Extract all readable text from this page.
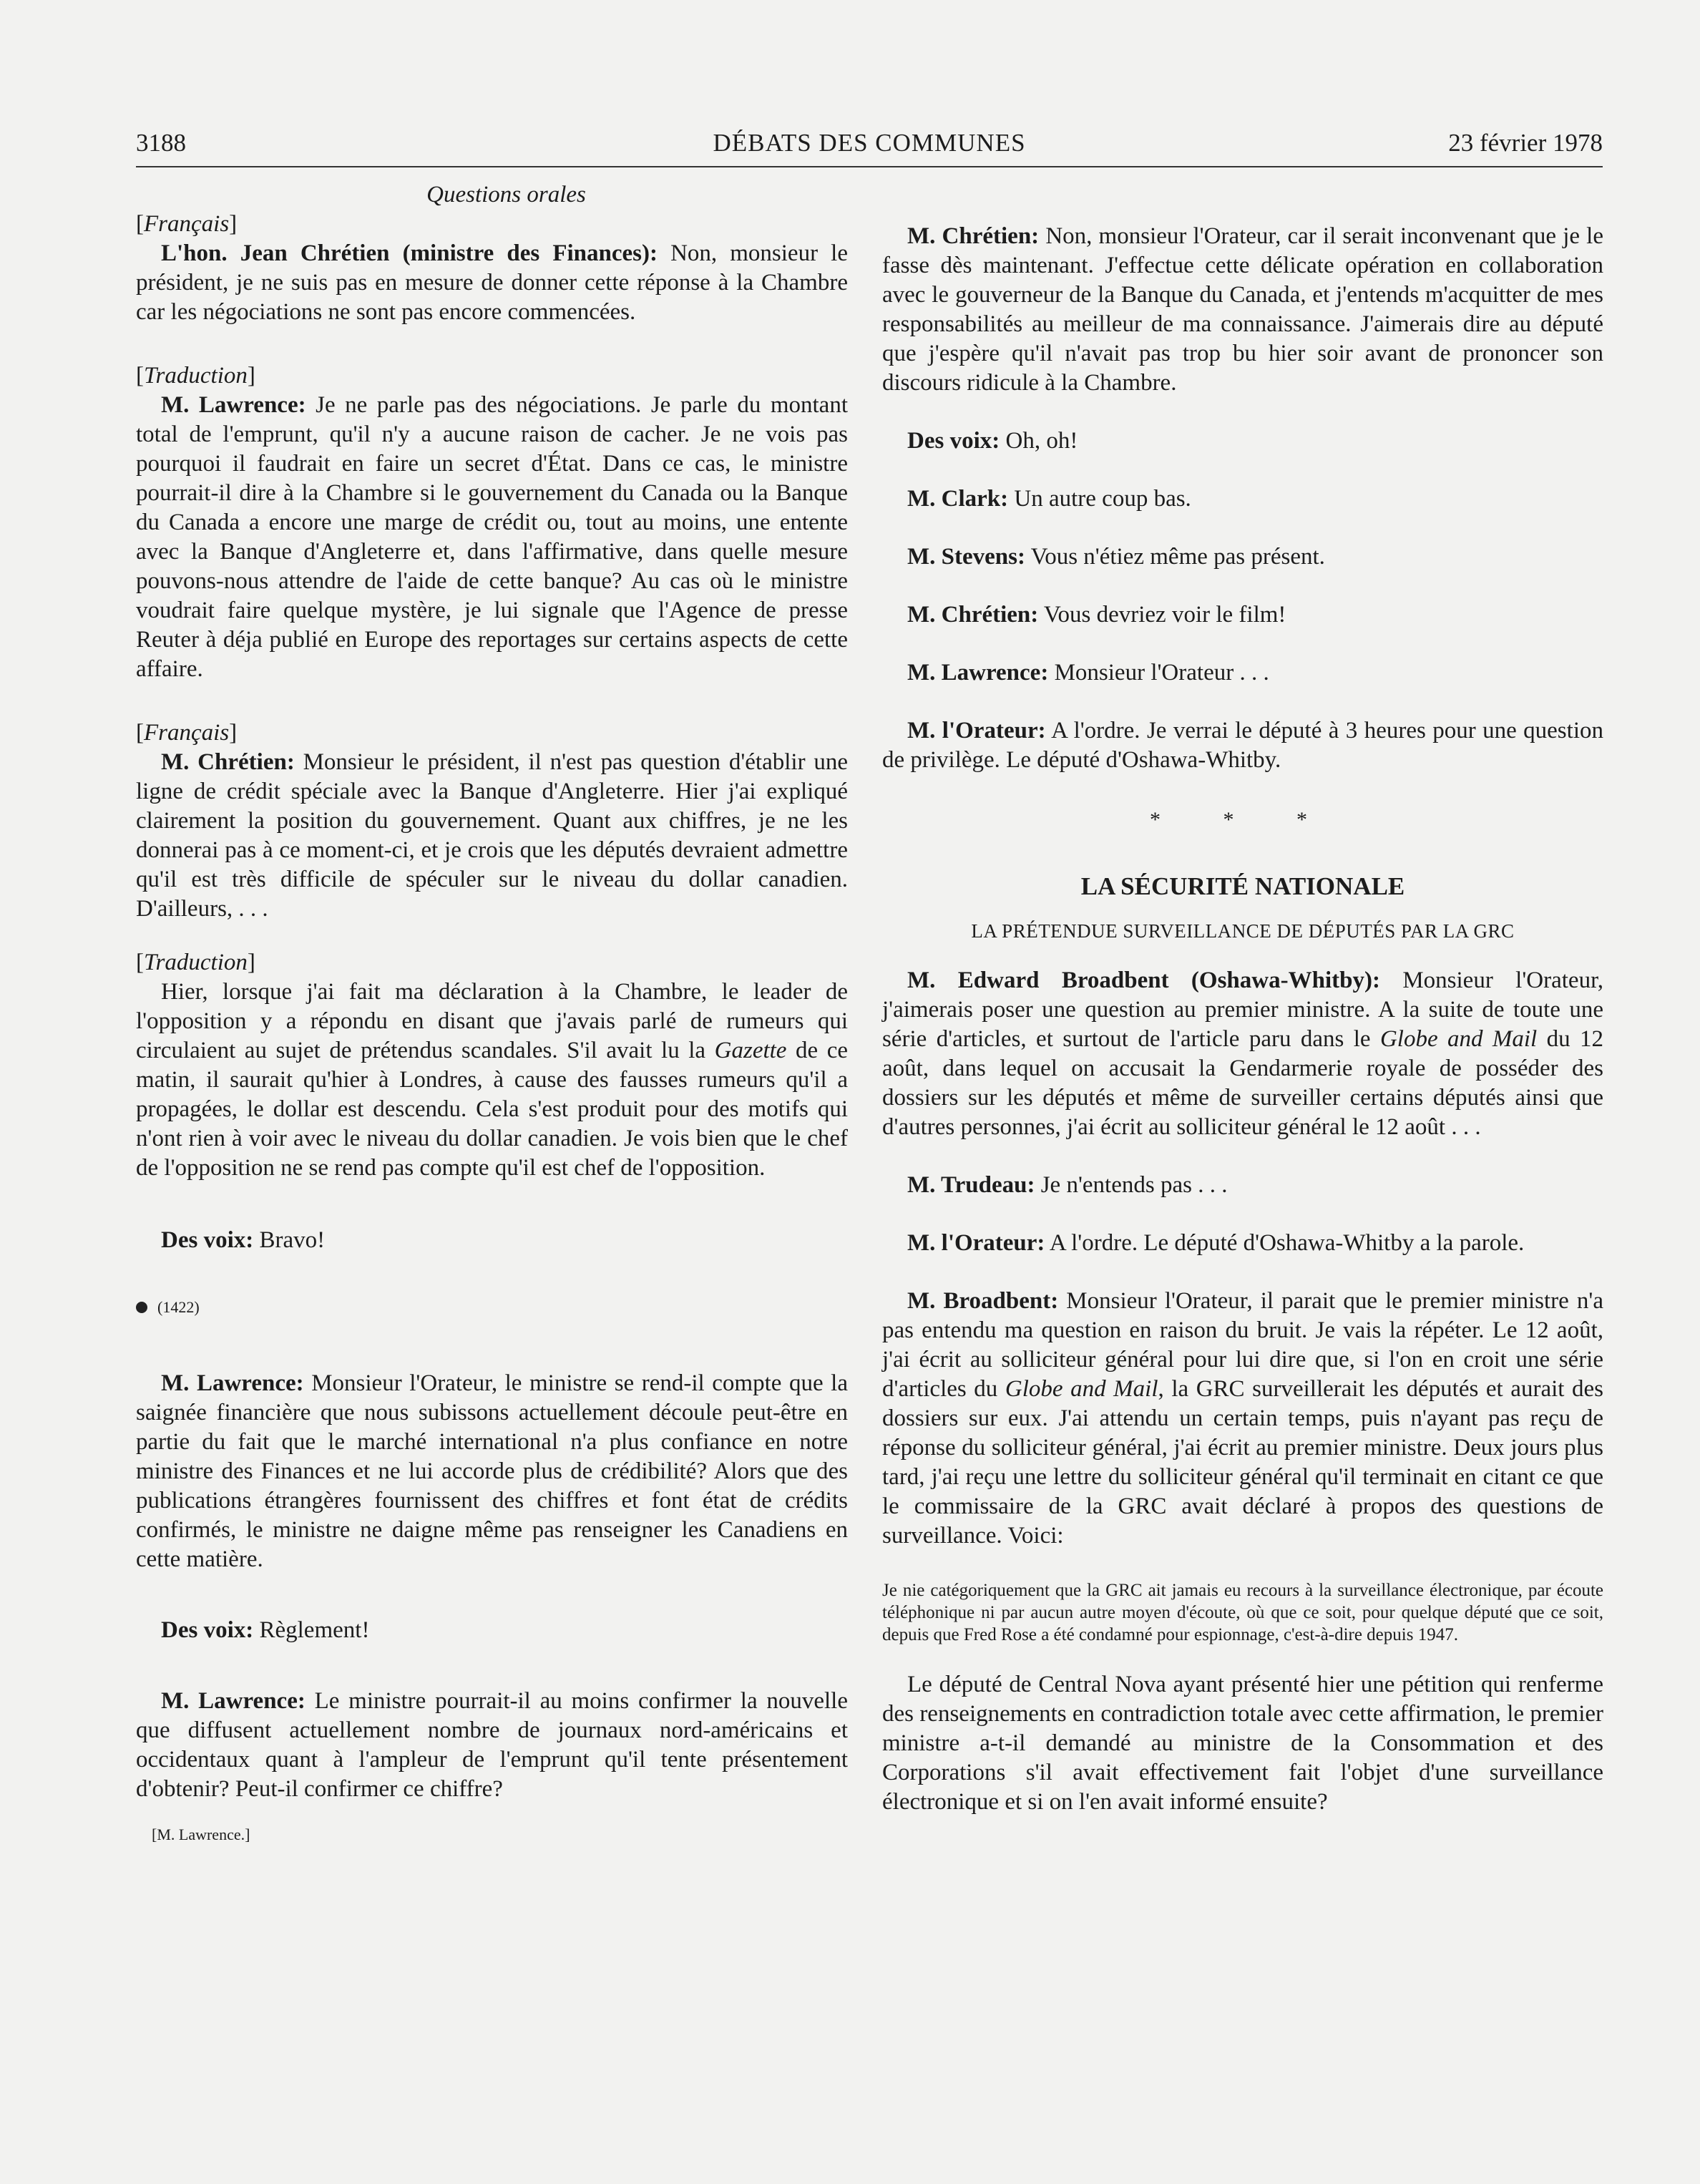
3188	DÉBATS DES COMMUNES	23 février 1978
Questions orales
[Français]

L'hon. Jean Chrétien (ministre des Finances): Non, monsieur le président, je ne suis pas en mesure de donner cette réponse à la Chambre car les négociations ne sont pas encore commencées.

[Traduction]

M. Lawrence: Je ne parle pas des négociations. Je parle du montant total de l'emprunt, qu'il n'y a aucune raison de cacher. Je ne vois pas pourquoi il faudrait en faire un secret d'État. Dans ce cas, le ministre pourrait-il dire à la Chambre si le gouvernement du Canada ou la Banque du Canada a encore une marge de crédit ou, tout au moins, une entente avec la Banque d'Angleterre et, dans l'affirmative, dans quelle mesure pouvons-nous attendre de l'aide de cette banque? Au cas où le ministre voudrait faire quelque mystère, je lui signale que l'Agence de presse Reuter à déja publié en Europe des reportages sur certains aspects de cette affaire.

[Français]

M. Chrétien: Monsieur le président, il n'est pas question d'établir une ligne de crédit spéciale avec la Banque d'Angleterre. Hier j'ai expliqué clairement la position du gouvernement. Quant aux chiffres, je ne les donnerai pas à ce moment-ci, et je crois que les députés devraient admettre qu'il est très difficile de spéculer sur le niveau du dollar canadien. D'ailleurs, . . .

[Traduction]

Hier, lorsque j'ai fait ma déclaration à la Chambre, le leader de l'opposition y a répondu en disant que j'avais parlé de rumeurs qui circulaient au sujet de prétendus scandales. S'il avait lu la Gazette de ce matin, il saurait qu'hier à Londres, à cause des fausses rumeurs qu'il a propagées, le dollar est descendu. Cela s'est produit pour des motifs qui n'ont rien à voir avec le niveau du dollar canadien. Je vois bien que le chef de l'opposition ne se rend pas compte qu'il est chef de l'opposition.

Des voix: Bravo!

(1422)

M. Lawrence: Monsieur l'Orateur, le ministre se rend-il compte que la saignée financière que nous subissons actuellement découle peut-être en partie du fait que le marché international n'a plus confiance en notre ministre des Finances et ne lui accorde plus de crédibilité? Alors que des publications étrangères fournissent des chiffres et font état de crédits confirmés, le ministre ne daigne même pas renseigner les Canadiens en cette matière.

Des voix: Règlement!

M. Lawrence: Le ministre pourrait-il au moins confirmer la nouvelle que diffusent actuellement nombre de journaux nord-américains et occidentaux quant à l'ampleur de l'emprunt qu'il tente présentement d'obtenir? Peut-il confirmer ce chiffre?

[M. Lawrence.]

M. Chrétien: Non, monsieur l'Orateur, car il serait inconvenant que je le fasse dès maintenant. J'effectue cette délicate opération en collaboration avec le gouverneur de la Banque du Canada, et j'entends m'acquitter de mes responsabilités au meilleur de ma connaissance. J'aimerais dire au député que j'espère qu'il n'avait pas trop bu hier soir avant de prononcer son discours ridicule à la Chambre.

Des voix: Oh, oh!

M. Clark: Un autre coup bas.

M. Stevens: Vous n'étiez même pas présent.

M. Chrétien: Vous devriez voir le film!

M. Lawrence: Monsieur l'Orateur . . .

M. l'Orateur: A l'ordre. Je verrai le député à 3 heures pour une question de privilège. Le député d'Oshawa-Whitby.

* * *
LA SÉCURITÉ NATIONALE
LA PRÉTENDUE SURVEILLANCE DE DÉPUTÉS PAR LA GRC

M. Edward Broadbent (Oshawa-Whitby): Monsieur l'Orateur, j'aimerais poser une question au premier ministre. A la suite de toute une série d'articles, et surtout de l'article paru dans le Globe and Mail du 12 août, dans lequel on accusait la Gendarmerie royale de posséder des dossiers sur les députés et même de surveiller certains députés ainsi que d'autres personnes, j'ai écrit au solliciteur général le 12 août . . .

M. Trudeau: Je n'entends pas . . .

M. l'Orateur: A l'ordre. Le député d'Oshawa-Whitby a la parole.

M. Broadbent: Monsieur l'Orateur, il parait que le premier ministre n'a pas entendu ma question en raison du bruit. Je vais la répéter. Le 12 août, j'ai écrit au solliciteur général pour lui dire que, si l'on en croit une série d'articles du Globe and Mail, la GRC surveillerait les députés et aurait des dossiers sur eux. J'ai attendu un certain temps, puis n'ayant pas reçu de réponse du solliciteur général, j'ai écrit au premier ministre. Deux jours plus tard, j'ai reçu une lettre du solliciteur général qu'il terminait en citant ce que le commissaire de la GRC avait déclaré à propos des questions de surveillance. Voici:

Je nie catégoriquement que la GRC ait jamais eu recours à la surveillance électronique, par écoute téléphonique ni par aucun autre moyen d'écoute, où que ce soit, pour quelque député que ce soit, depuis que Fred Rose a été condamné pour espionnage, c'est-à-dire depuis 1947.

Le député de Central Nova ayant présenté hier une pétition qui renferme des renseignements en contradiction totale avec cette affirmation, le premier ministre a-t-il demandé au ministre de la Consommation et des Corporations s'il avait effectivement fait l'objet d'une surveillance électronique et si on l'en avait informé ensuite?
